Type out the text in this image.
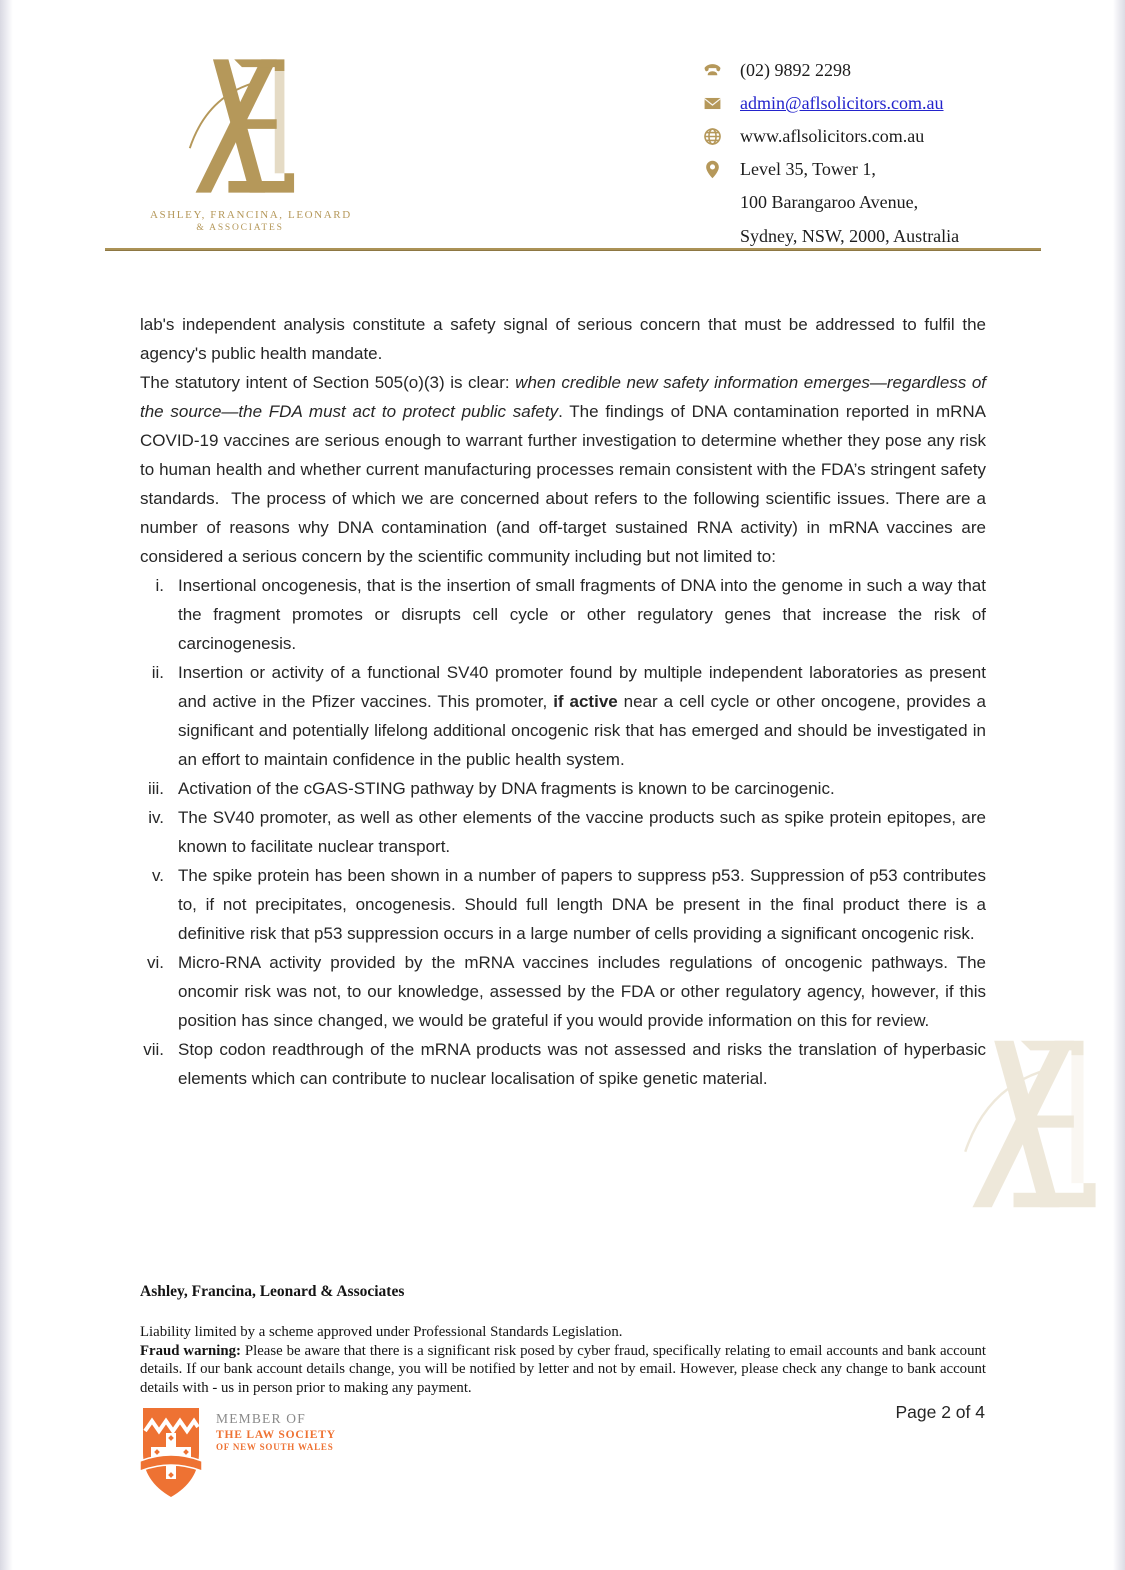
ASHLEY, FRANCINA, LEONARD
& ASSOCIATES
(02) 9892 2298
admin@aflsolicitors.com.au
www.aflsolicitors.com.au
Level 35, Tower 1,
100 Barangaroo Avenue,
Sydney, NSW, 2000, Australia

lab's independent analysis constitute a safety signal of serious concern that must be addressed to fulfil the agency's public health mandate.

The statutory intent of Section 505(o)(3) is clear: when credible new safety information emerges—regardless of the source—the FDA must act to protect public safety. The findings of DNA contamination reported in mRNA COVID-19 vaccines are serious enough to warrant further investigation to determine whether they pose any risk to human health and whether current manufacturing processes remain consistent with the FDA’s stringent safety standards.  The process of which we are concerned about refers to the following scientific issues. There are a number of reasons why DNA contamination (and off-target sustained RNA activity) in mRNA vaccines are considered a serious concern by the scientific community including but not limited to:

i. Insertional oncogenesis, that is the insertion of small fragments of DNA into the genome in such a way that the fragment promotes or disrupts cell cycle or other regulatory genes that increase the risk of carcinogenesis.
ii. Insertion or activity of a functional SV40 promoter found by multiple independent laboratories as present and active in the Pfizer vaccines. This promoter, if active near a cell cycle or other oncogene, provides a significant and potentially lifelong additional oncogenic risk that has emerged and should be investigated in an effort to maintain confidence in the public health system.
iii. Activation of the cGAS-STING pathway by DNA fragments is known to be carcinogenic.
iv. The SV40 promoter, as well as other elements of the vaccine products such as spike protein epitopes, are known to facilitate nuclear transport.
v. The spike protein has been shown in a number of papers to suppress p53. Suppression of p53 contributes to, if not precipitates, oncogenesis. Should full length DNA be present in the final product there is a definitive risk that p53 suppression occurs in a large number of cells providing a significant oncogenic risk.
vi. Micro-RNA activity provided by the mRNA vaccines includes regulations of oncogenic pathways. The oncomir risk was not, to our knowledge, assessed by the FDA or other regulatory agency, however, if this position has since changed, we would be grateful if you would provide information on this for review.
vii. Stop codon readthrough of the mRNA products was not assessed and risks the translation of hyperbasic elements which can contribute to nuclear localisation of spike genetic material.
Ashley, Francina, Leonard & Associates
Liability limited by a scheme approved under Professional Standards Legislation.
Fraud warning: Please be aware that there is a significant risk posed by cyber fraud, specifically relating to email accounts and bank account details. If our bank account details change, you will be notified by letter and not by email. However, please check any change to bank account details with - us in person prior to making any payment.
MEMBER OF
THE LAW SOCIETY
OF NEW SOUTH WALES
Page 2 of 4
